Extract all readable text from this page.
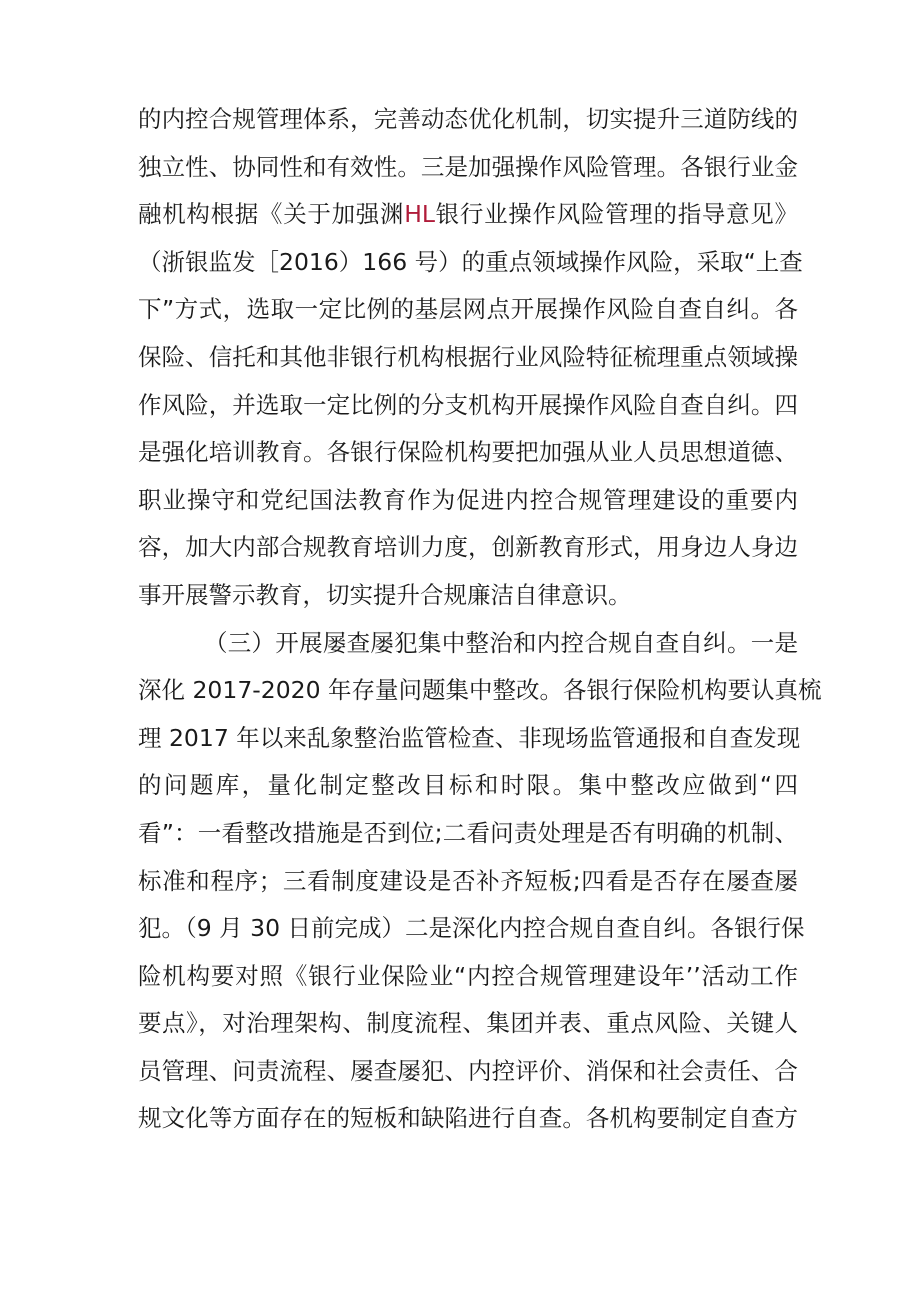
的内控合规管理体系，完善动态优化机制，切实提升三道防线的
独立性、协同性和有效性。三是加强操作风险管理。各银行业金
融机构根据《关于加强渊HL银行业操作风险管理的指导意见》
（浙银监发［2016）166 号）的重点领域操作风险，采取“上查
下”方式，选取一定比例的基层网点开展操作风险自查自纠。各
保险、信托和其他非银行机构根据行业风险特征梳理重点领域操
作风险，并选取一定比例的分支机构开展操作风险自查自纠。四
是强化培训教育。各银行保险机构要把加强从业人员思想道德、
职业操守和党纪国法教育作为促进内控合规管理建设的重要内
容，加大内部合规教育培训力度，创新教育形式，用身边人身边
事开展警示教育，切实提升合规廉洁自律意识。
（三）开展屡查屡犯集中整治和内控合规自查自纠。一是
深化 2017-2020 年存量问题集中整改。各银行保险机构要认真梳
理 2017 年以来乱象整治监管检查、非现场监管通报和自查发现
的问题库，量化制定整改目标和时限。集中整改应做到“四
看”：一看整改措施是否到位;二看问责处理是否有明确的机制、
标准和程序；三看制度建设是否补齐短板;四看是否存在屡查屡
犯。（9 月 30 日前完成）二是深化内控合规自查自纠。各银行保
险机构要对照《银行业保险业“内控合规管理建设年’’活动工作
要点》，对治理架构、制度流程、集团并表、重点风险、关键人
员管理、问责流程、屡查屡犯、内控评价、消保和社会责任、合
规文化等方面存在的短板和缺陷进行自查。各机构要制定自查方
